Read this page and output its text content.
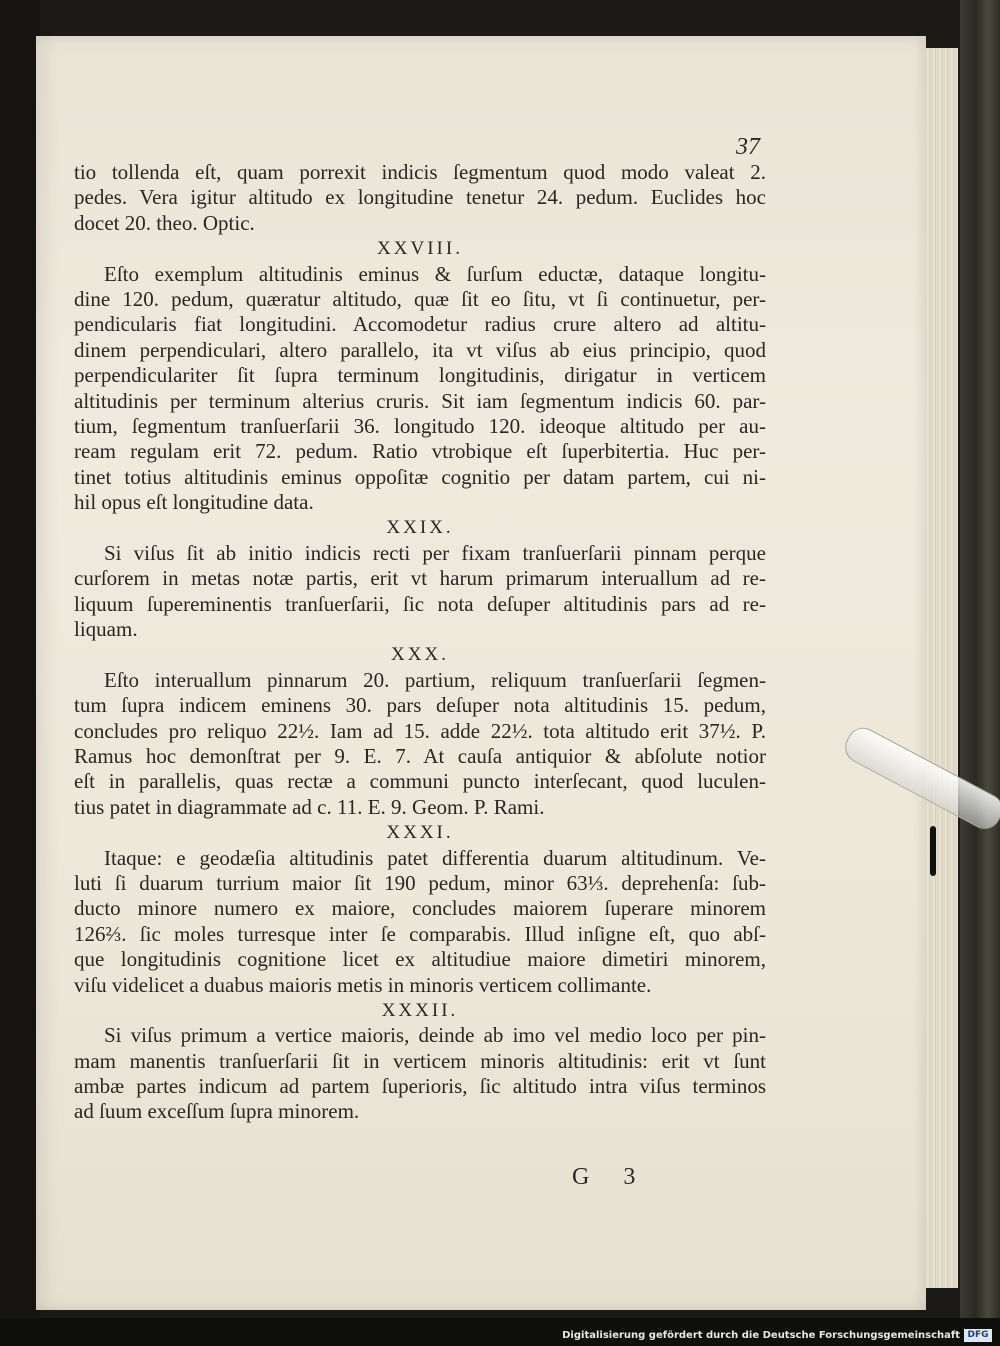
37
tio tollenda eſt, quam porrexit indicis ſegmentum quod modo valeat 2.
pedes. Vera igitur altitudo ex longitudine tenetur 24. pedum. Euclides hoc
docet 20. theo. Optic.
XXVIII.
Eſto exemplum altitudinis eminus & ſurſum eductæ, dataque longitu-
dine 120. pedum, quæratur altitudo, quæ ſit eo ſitu, vt ſi continuetur, per-
pendicularis fiat longitudini. Accomodetur radius crure altero ad altitu-
dinem perpendiculari, altero parallelo, ita vt viſus ab eius principio, quod
perpendiculariter ſit ſupra terminum longitudinis, dirigatur in verticem
altitudinis per terminum alterius cruris. Sit iam ſegmentum indicis 60. par-
tium, ſegmentum tranſuerſarii 36. longitudo 120. ideoque altitudo per au-
ream regulam erit 72. pedum. Ratio vtrobique eſt ſuperbitertia. Huc per-
tinet totius altitudinis eminus oppoſitæ cognitio per datam partem, cui ni-
hil opus eſt longitudine data.
XXIX.
Si viſus ſit ab initio indicis recti per fixam tranſuerſarii pinnam perque
curſorem in metas notæ partis, erit vt harum primarum interuallum ad re-
liquum ſupereminentis tranſuerſarii, ſic nota deſuper altitudinis pars ad re-
liquam.
XXX.
Eſto interuallum pinnarum 20. partium, reliquum tranſuerſarii ſegmen-
tum ſupra indicem eminens 30. pars deſuper nota altitudinis 15. pedum,
concludes pro reliquo 22½. Iam ad 15. adde 22½. tota altitudo erit 37½. P.
Ramus hoc demonſtrat per 9. E. 7. At cauſa antiquior & abſolute notior
eſt in parallelis, quas rectæ a communi puncto interſecant, quod luculen-
tius patet in diagrammate ad c. 11. E. 9. Geom. P. Rami.
XXXI.
Itaque: e geodæſia altitudinis patet differentia duarum altitudinum. Ve-
luti ſi duarum turrium maior ſit 190 pedum, minor 63⅓. deprehenſa: ſub-
ducto minore numero ex maiore, concludes maiorem ſuperare minorem
126⅔. ſic moles turresque inter ſe comparabis. Illud inſigne eſt, quo abſ-
que longitudinis cognitione licet ex altitudiue maiore dimetiri minorem,
viſu videlicet a duabus maioris metis in minoris verticem collimante.
XXXII.
Si viſus primum a vertice maioris, deinde ab imo vel medio loco per pin-
mam manentis tranſuerſarii ſit in verticem minoris altitudinis: erit vt ſunt
ambæ partes indicum ad partem ſuperioris, ſic altitudo intra viſus terminos
ad ſuum exceſſum ſupra minorem.
G 3
Digitalisierung gefördert durch die Deutsche Forschungsgemeinschaft DFG
